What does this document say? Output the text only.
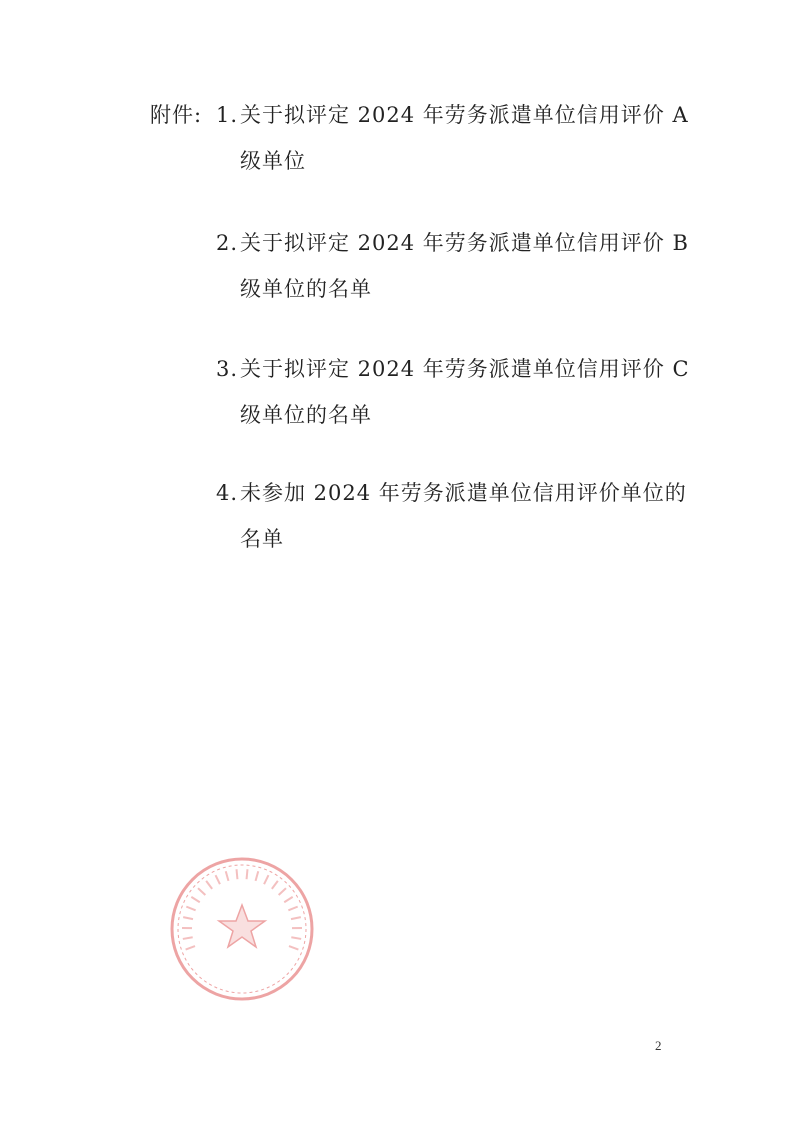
附件: 1.关于拟评定 2024 年劳务派遣单位信用评价 A
级单位
2.关于拟评定 2024 年劳务派遣单位信用评价 B
级单位的名单
3.关于拟评定 2024 年劳务派遣单位信用评价 C
级单位的名单
4.未参加 2024 年劳务派遣单位信用评价单位的
名单
2
